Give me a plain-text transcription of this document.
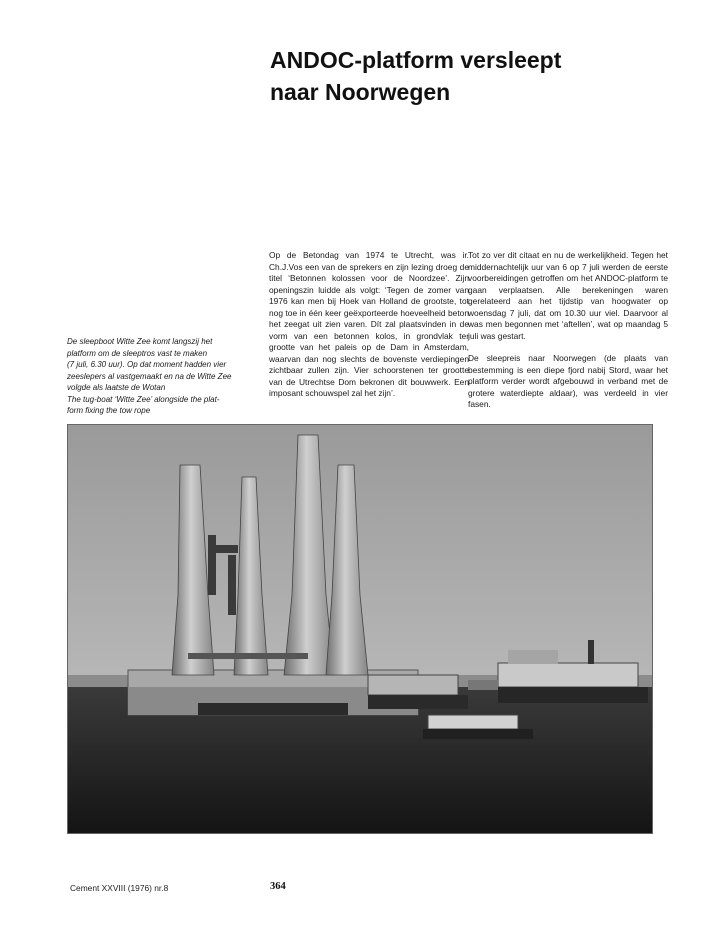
ANDOC-platform versleept
naar Noorwegen

Op de Betondag van 1974 te Utrecht, was ir. Ch.J.Vos een van de sprekers en zijn lezing droeg de titel ‘Betonnen kolossen voor de Noordzee’. Zijn openingszin luidde als volgt: ‘Tegen de zomer van 1976 kan men bij Hoek van Holland de grootste, tot nog toe in één keer geëxporteerde hoeveelheid beton het zeegat uit zien varen. Dít zal plaatsvinden in de vorm van een betonnen kolos, in grondvlak ter grootte van het paleis op de Dam in Amsterdam, waarvan dan nog slechts de bovenste verdiepingen zichtbaar zullen zijn. Vier schoorstenen ter grootte van de Utrechtse Dom bekronen dit bouwwerk. Een imposant schouwspel zal het zijn’.

Tot zo ver dit citaat en nu de werkelijkheid. Tegen het middernachtelijk uur van 6 op 7 juli werden de eerste voorbereidingen getroffen om het ANDOC-platform te gaan verplaatsen. Alle berekeningen waren gerelateerd aan het tijdstip van hoogwater op woensdag 7 juli, dat om 10.30 uur viel. Daarvoor al was men begonnen met ‘aftellen’, wat op maandag 5 juli was gestart.

De sleepreis naar Noorwegen (de plaats van bestemming is een diepe fjord nabij Stord, waar het platform verder wordt afgebouwd in verband met de grotere waterdiepte aldaar), was verdeeld in vier fasen.

De sleepboot Witte Zee komt langszij het
platform om de sleeptros vast te maken
(7 juli, 6.30 uur). Op dat moment hadden vier
zeeslepers al vastgemaakt en na de Witte Zee
volgde als laatste de Wotan
The tug-boat ‘Witte Zee’ alongside the plat-
form fixing the tow rope
Cement XXVIII (1976) nr.8	364
